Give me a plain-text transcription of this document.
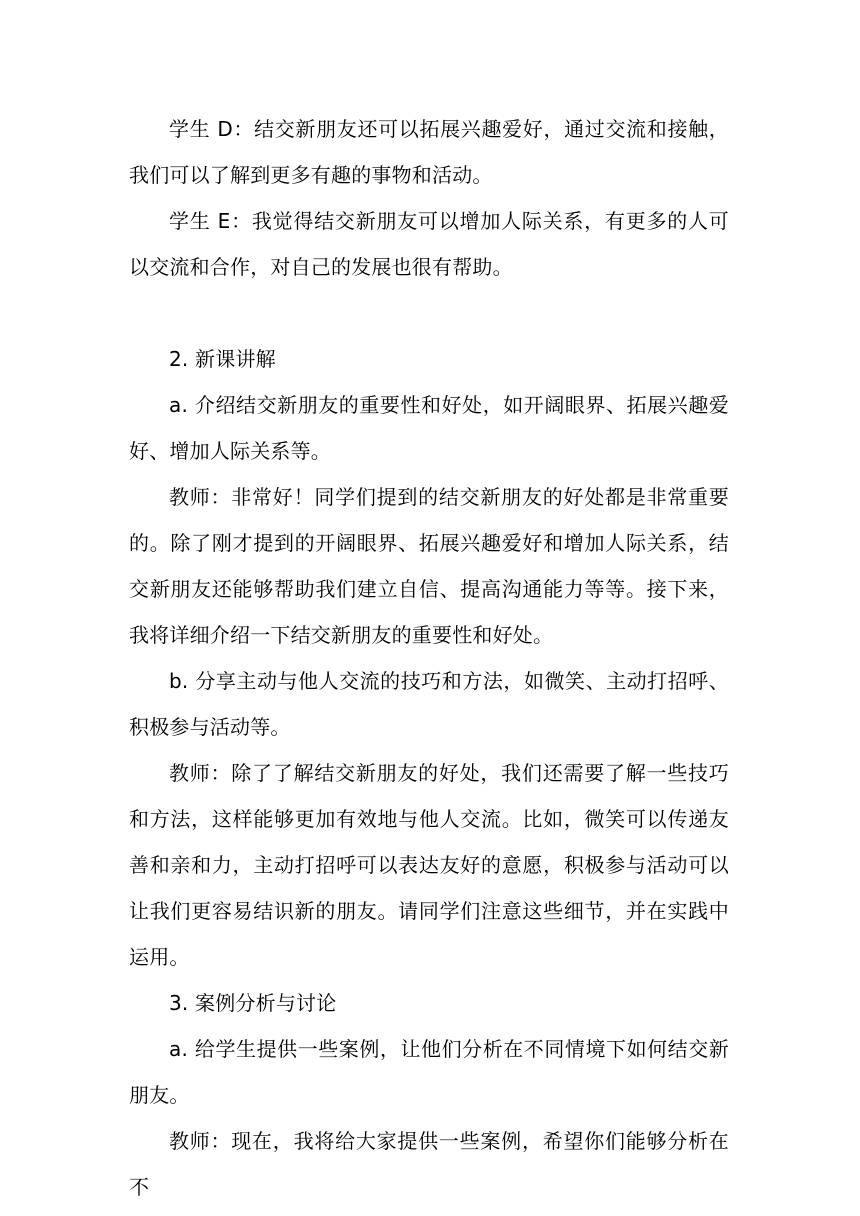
学生 D：结交新朋友还可以拓展兴趣爱好，通过交流和接触，我们可以了解到更多有趣的事物和活动。

学生 E：我觉得结交新朋友可以增加人际关系，有更多的人可以交流和合作，对自己的发展也很有帮助。

2. 新课讲解

a. 介绍结交新朋友的重要性和好处，如开阔眼界、拓展兴趣爱好、增加人际关系等。

教师：非常好！同学们提到的结交新朋友的好处都是非常重要的。除了刚才提到的开阔眼界、拓展兴趣爱好和增加人际关系，结交新朋友还能够帮助我们建立自信、提高沟通能力等等。接下来，我将详细介绍一下结交新朋友的重要性和好处。

b. 分享主动与他人交流的技巧和方法，如微笑、主动打招呼、积极参与活动等。

教师：除了了解结交新朋友的好处，我们还需要了解一些技巧和方法，这样能够更加有效地与他人交流。比如，微笑可以传递友善和亲和力，主动打招呼可以表达友好的意愿，积极参与活动可以让我们更容易结识新的朋友。请同学们注意这些细节，并在实践中运用。

3. 案例分析与讨论

a. 给学生提供一些案例，让他们分析在不同情境下如何结交新朋友。

教师：现在，我将给大家提供一些案例，希望你们能够分析在不
